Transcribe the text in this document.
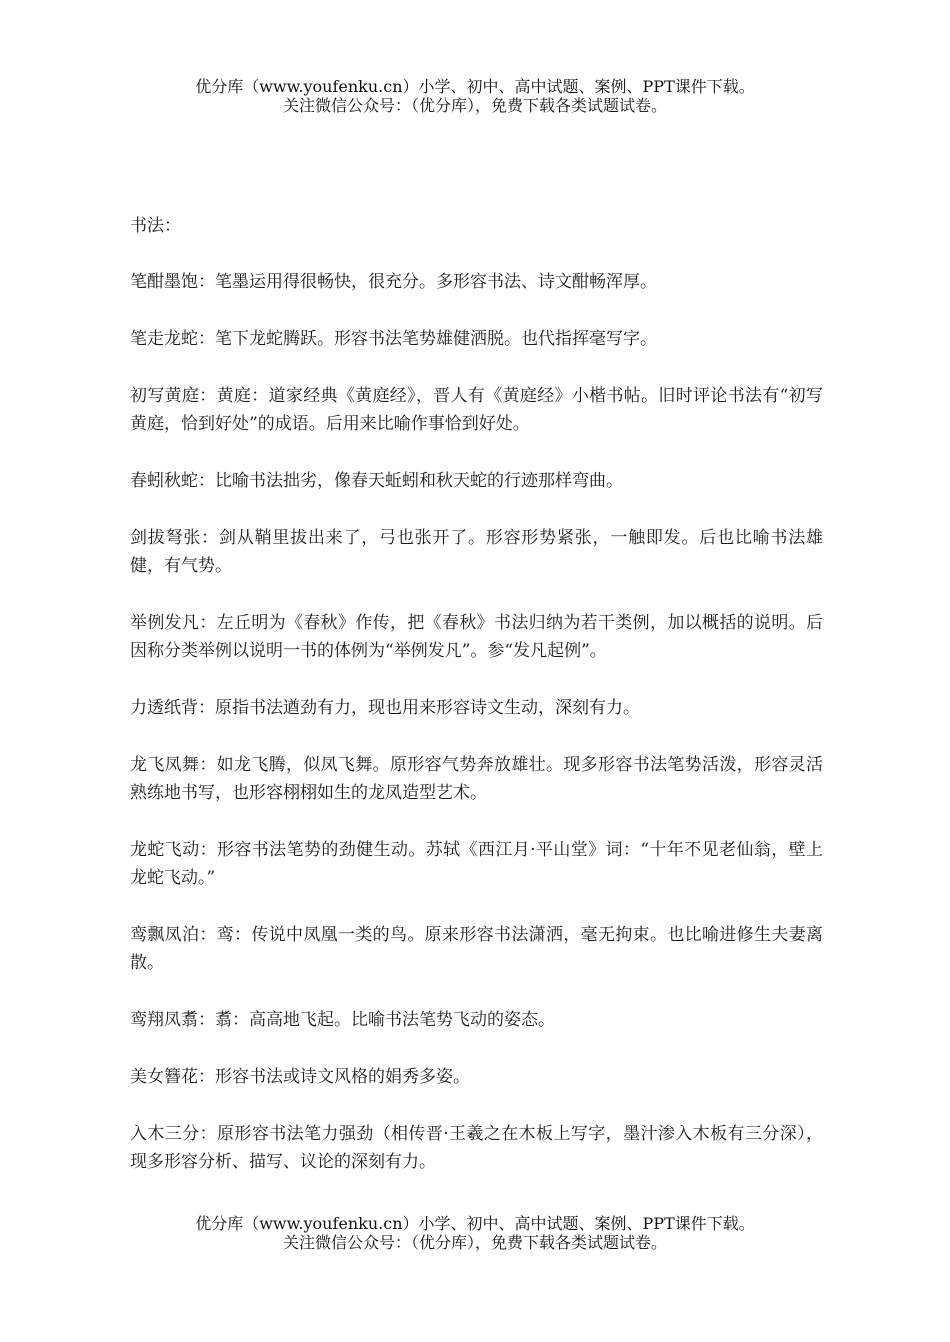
优分库（www.youfenku.cn）小学、初中、高中试题、案例、PPT课件下载。
关注微信公众号：（优分库），免费下载各类试题试卷。
书法：

笔酣墨饱：笔墨运用得很畅快，很充分。多形容书法、诗文酣畅浑厚。

笔走龙蛇：笔下龙蛇腾跃。形容书法笔势雄健洒脱。也代指挥毫写字。

初写黄庭：黄庭：道家经典《黄庭经》，晋人有《黄庭经》小楷书帖。旧时评论书法有“初写黄庭，恰到好处”的成语。后用来比喻作事恰到好处。

春蚓秋蛇：比喻书法拙劣，像春天蚯蚓和秋天蛇的行迹那样弯曲。

剑拔弩张：剑从鞘里拔出来了，弓也张开了。形容形势紧张，一触即发。后也比喻书法雄健，有气势。

举例发凡：左丘明为《春秋》作传，把《春秋》书法归纳为若干类例，加以概括的说明。后因称分类举例以说明一书的体例为“举例发凡”。参“发凡起例”。

力透纸背：原指书法遒劲有力，现也用来形容诗文生动，深刻有力。

龙飞凤舞：如龙飞腾，似凤飞舞。原形容气势奔放雄壮。现多形容书法笔势活泼，形容灵活熟练地书写，也形容栩栩如生的龙凤造型艺术。

龙蛇飞动：形容书法笔势的劲健生动。苏轼《西江月·平山堂》词：“十年不见老仙翁，壁上龙蛇飞动。”

鸾飘凤泊：鸾：传说中凤凰一类的鸟。原来形容书法潇洒，毫无拘束。也比喻进修生夫妻离散。

鸾翔凤翥：翥：高高地飞起。比喻书法笔势飞动的姿态。

美女簪花：形容书法或诗文风格的娟秀多姿。

入木三分：原形容书法笔力强劲（相传晋·王羲之在木板上写字，墨汁渗入木板有三分深），现多形容分析、描写、议论的深刻有力。

优分库（www.youfenku.cn）小学、初中、高中试题、案例、PPT课件下载。
关注微信公众号：（优分库），免费下载各类试题试卷。
